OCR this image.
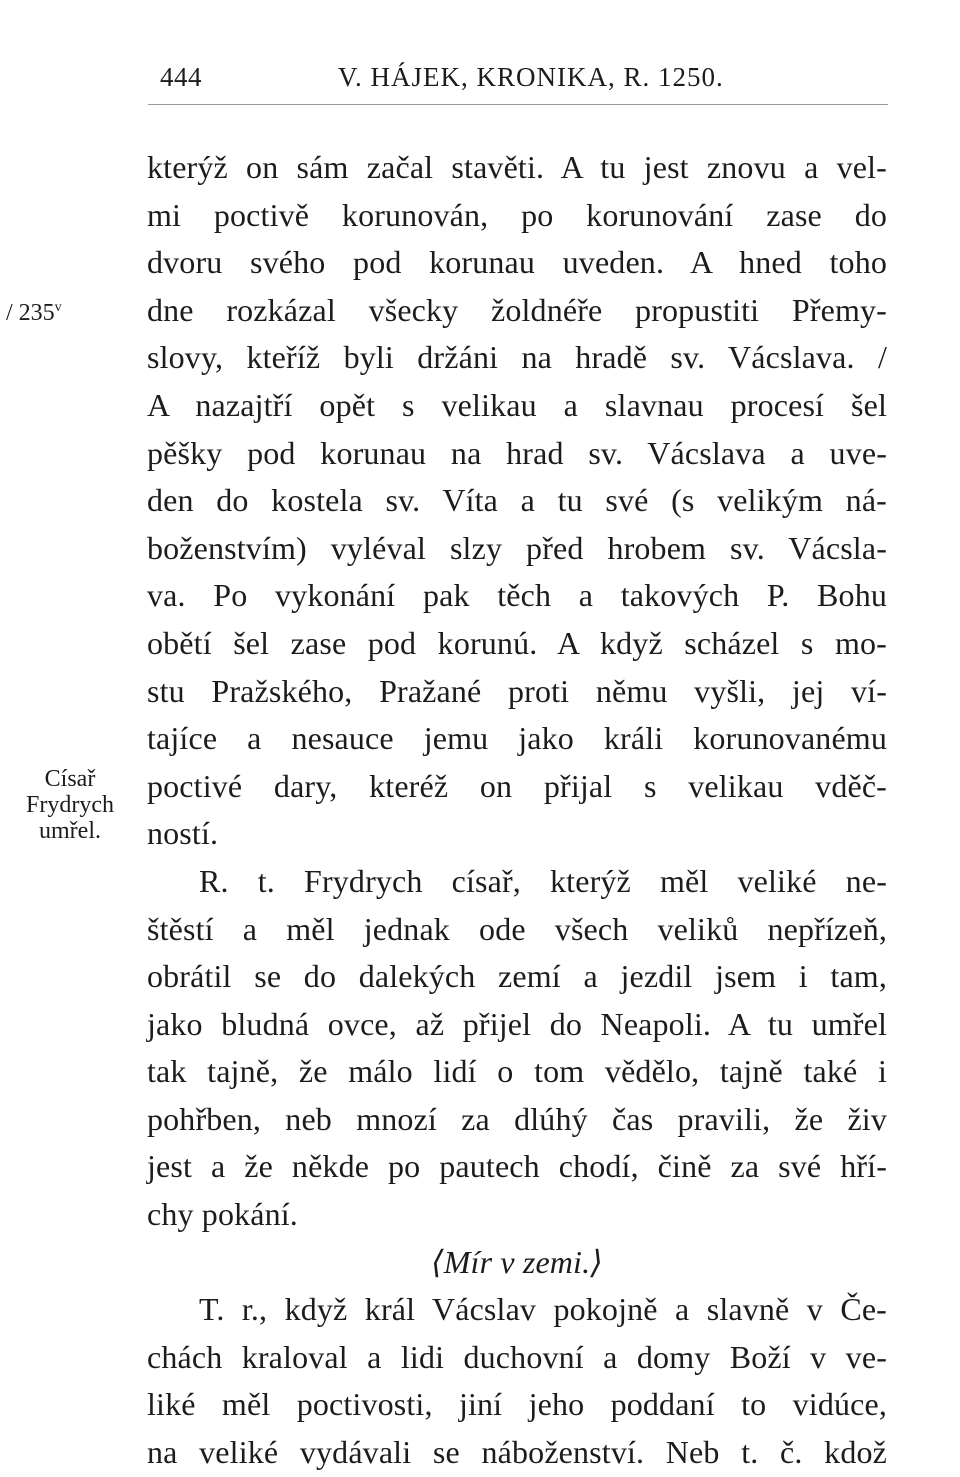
444	V. HÁJEK, KRONIKA, R. 1250.
/ 235$^v$
Císař
Frydrych
umřel.
kterýž on sám začal stavěti. A tu jest znovu a vel-
mi poctivě korunován, po korunování zase do
dvoru svého pod korunau uveden. A hned toho
dne rozkázal všecky žoldnéře propustiti Přemy-
slovy, kteříž byli držáni na hradě sv. Vácslava. /
A nazajtří opět s velikau a slavnau procesí šel
pěšky pod korunau na hrad sv. Vácslava a uve-
den do kostela sv. Víta a tu své (s velikým ná-
boženstvím) vyléval slzy před hrobem sv. Vácsla-
va. Po vykonání pak těch a takových P. Bohu
obětí šel zase pod korunú. A když scházel s mo-
stu Pražského, Pražané proti němu vyšli, jej ví-
tajíce a nesauce jemu jako králi korunovanému
poctivé dary, kteréž on přijal s velikau vděč-
ností.
R. t. Frydrych císař, kterýž měl veliké ne-
štěstí a měl jednak ode všech veliků nepřízeň,
obrátil se do dalekých zemí a jezdil jsem i tam,
jako bludná ovce, až přijel do Neapoli. A tu umřel
tak tajně, že málo lidí o tom vědělo, tajně také i
pohřben, neb mnozí za dlúhý čas pravili, že živ
jest a že někde po pautech chodí, čině za své hří-
chy pokání.
⟨Mír v zemi.⟩
T. r., když král Vácslav pokojně a slavně v Če-
chách kraloval a lidi duchovní a domy Boží v ve-
liké měl poctivosti, jiní jeho poddaní to vidúce,
na veliké vydávali se náboženství. Neb t. č. kdož
